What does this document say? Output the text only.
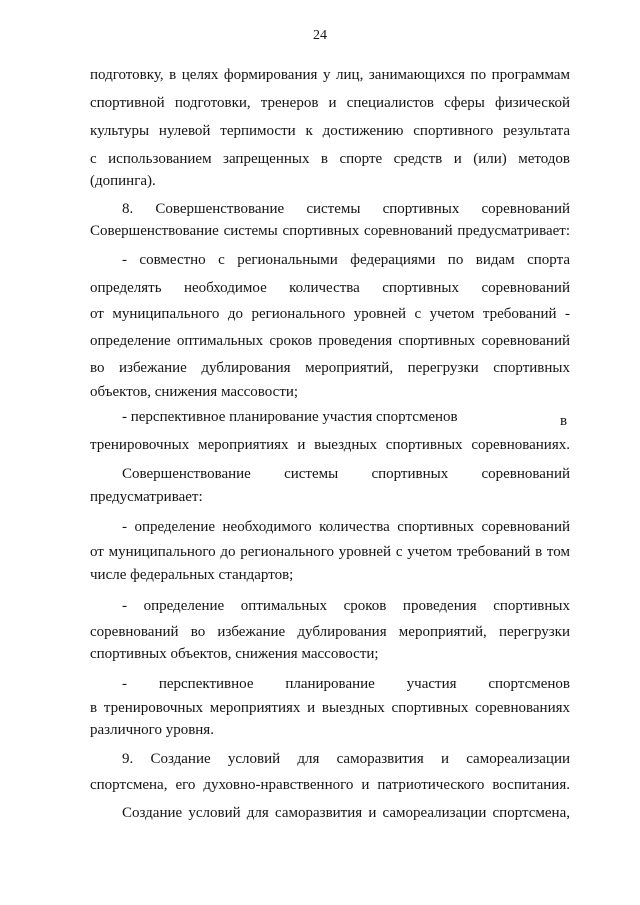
24
подготовку, в целях формирования у лиц, занимающихся по программам
спортивной подготовки, тренеров и специалистов сферы физической
культуры нулевой терпимости к достижению спортивного результата
с использованием запрещенных в спорте средств и (или) методов
(допинга).
8. Совершенствование системы спортивных соревнований
Совершенствование системы спортивных соревнований предусматривает:
- совместно с региональными федерациями по видам спорта
определять необходимое количества спортивных соревнований
от муниципального до регионального уровней с учетом требований -
определение оптимальных сроков проведения спортивных соревнований
во избежание дублирования мероприятий, перегрузки спортивных
объектов, снижения массовости;
- перспективное планирование участия спортсменов	в
тренировочных мероприятиях и выездных спортивных соревнованиях.
Совершенствование системы спортивных соревнований
предусматривает:
- определение необходимого количества спортивных соревнований
от муниципального до регионального уровней с учетом требований в том
числе федеральных стандартов;
- определение оптимальных сроков проведения спортивных
соревнований во избежание дублирования мероприятий, перегрузки
спортивных объектов, снижения массовости;
- перспективное планирование участия спортсменов
в тренировочных мероприятиях и выездных спортивных соревнованиях
различного уровня.
9. Создание условий для саморазвития и самореализации
спортсмена, его духовно-нравственного и патриотического воспитания.
Создание условий для саморазвития и самореализации спортсмена,
